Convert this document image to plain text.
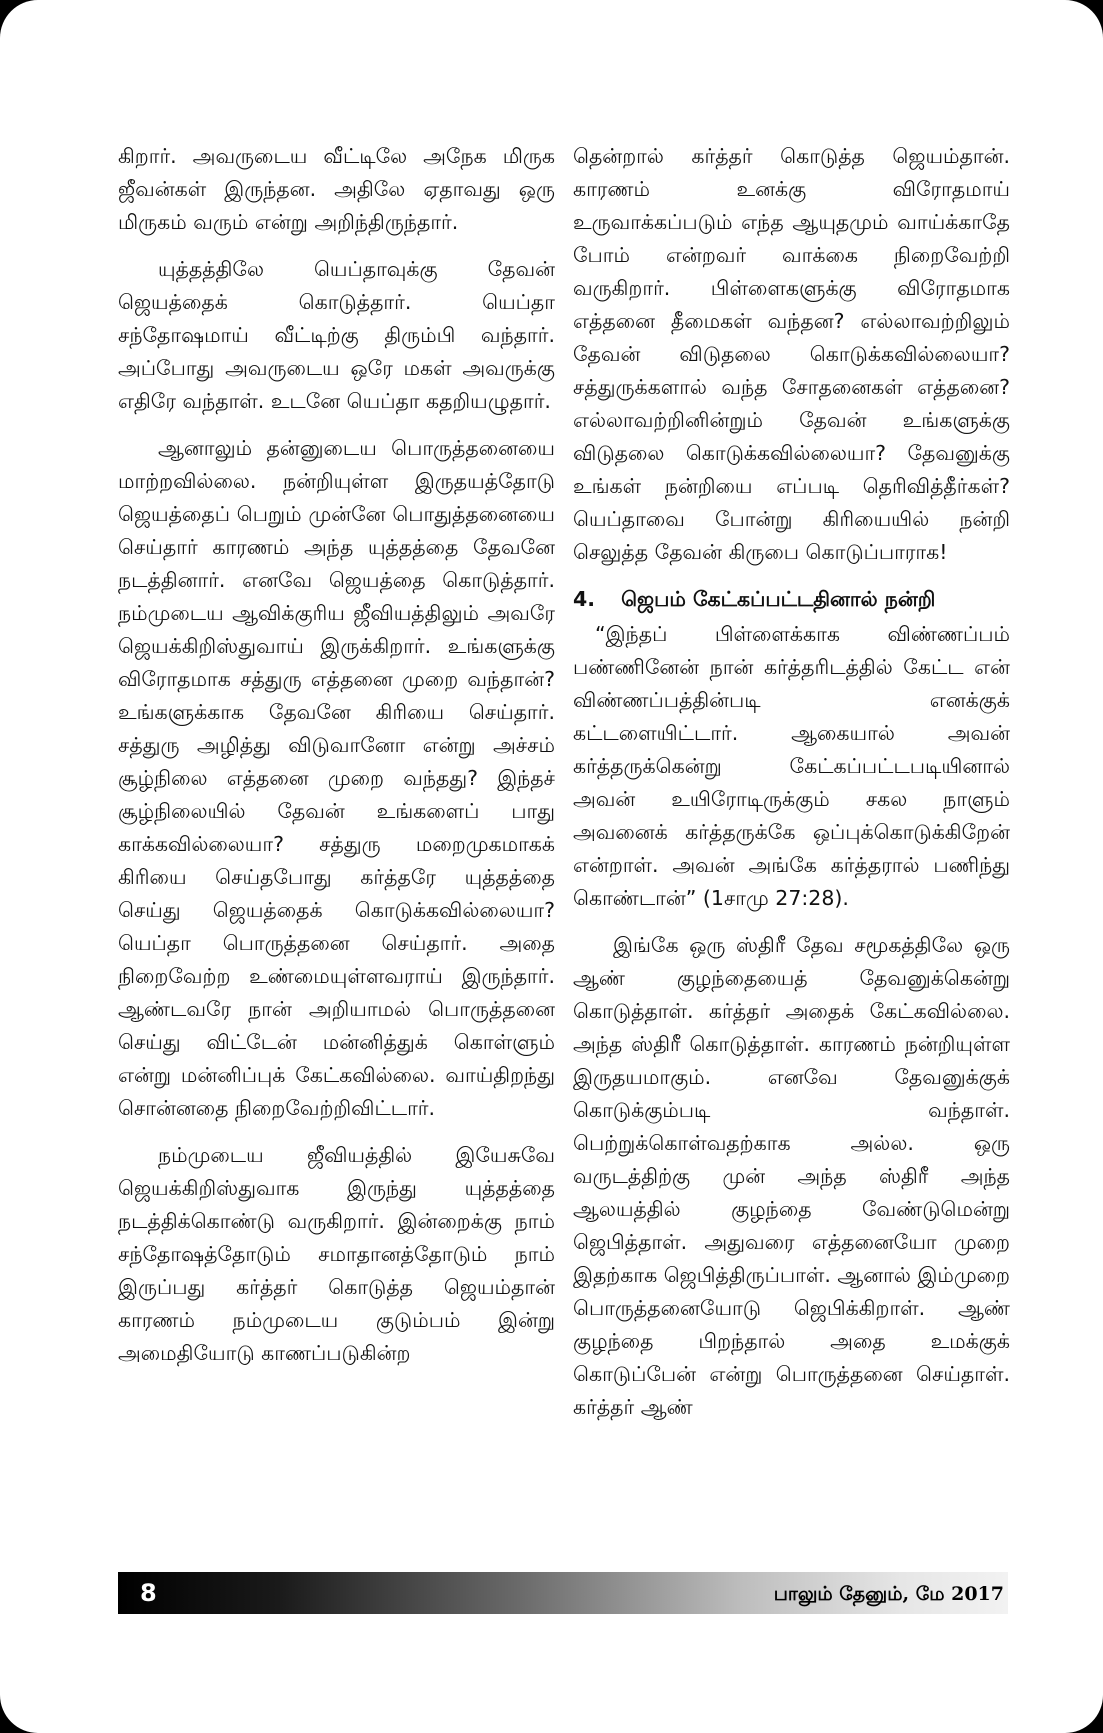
கிறார். அவருடைய வீட்டிலே அநேக மிருக ஜீவன்கள் இருந்தன. அதிலே ஏதாவது ஒரு மிருகம் வரும் என்று அறிந்திருந்தார்.

யுத்தத்திலே யெப்தாவுக்கு தேவன் ஜெயத்தைக் கொடுத்தார். யெப்தா சந்தோஷமாய் வீட்டிற்கு திரும்பி வந்தார். அப்போது அவருடைய ஒரே மகள் அவருக்கு எதிரே வந்தாள். உடனே யெப்தா கதறியழுதார்.

ஆனாலும் தன்னுடைய பொருத்தனையை மாற்றவில்லை. நன்றியுள்ள இருதயத்தோடு ஜெயத்தைப் பெறும் முன்னே பொதுத்தனையை செய்தார் காரணம் அந்த யுத்தத்தை தேவனே நடத்தினார். எனவே ஜெயத்தை கொடுத்தார். நம்முடைய ஆவிக்குரிய ஜீவியத்திலும் அவரே ஜெயக்கிறிஸ்துவாய் இருக்கிறார். உங்களுக்கு விரோதமாக சத்துரு எத்தனை முறை வந்தான்? உங்களுக்காக தேவனே கிரியை செய்தார். சத்துரு அழித்து விடுவானோ என்று அச்சம் சூழ்நிலை எத்தனை முறை வந்தது? இந்தச் சூழ்நிலையில் தேவன் உங்களைப் பாது காக்கவில்லையா? சத்துரு மறைமுகமாகக் கிரியை செய்தபோது கர்த்தரே யுத்தத்தை செய்து ஜெயத்தைக் கொடுக்கவில்லையா? யெப்தா பொருத்தனை செய்தார். அதை நிறைவேற்ற உண்மையுள்ளவராய் இருந்தார். ஆண்டவரே நான் அறியாமல் பொருத்தனை செய்து விட்டேன் மன்னித்துக் கொள்ளும் என்று மன்னிப்புக் கேட்கவில்லை. வாய்திறந்து சொன்னதை நிறைவேற்றிவிட்டார்.

நம்முடைய ஜீவியத்தில் இயேசுவே ஜெயக்கிறிஸ்துவாக இருந்து யுத்தத்தை நடத்திக்கொண்டு வருகிறார். இன்றைக்கு நாம் சந்தோஷத்தோடும் சமாதானத்தோடும் நாம் இருப்பது கர்த்தர் கொடுத்த ஜெயம்தான் காரணம் நம்முடைய குடும்பம் இன்று அமைதியோடு காணப்படுகின்ற

தென்றால் கர்த்தர் கொடுத்த ஜெயம்தான். காரணம் உனக்கு விரோதமாய் உருவாக்கப்படும் எந்த ஆயுதமும் வாய்க்காதே போம் என்றவர் வாக்கை நிறைவேற்றி வருகிறார். பிள்ளைகளுக்கு விரோதமாக எத்தனை தீமைகள் வந்தன? எல்லாவற்றிலும் தேவன் விடுதலை கொடுக்கவில்லையா? சத்துருக்களால் வந்த சோதனைகள் எத்தனை? எல்லாவற்றினின்றும் தேவன் உங்களுக்கு விடுதலை கொடுக்கவில்லையா? தேவனுக்கு உங்கள் நன்றியை எப்படி தெரிவித்தீர்கள்? யெப்தாவை போன்று கிரியையில் நன்றி செலுத்த தேவன் கிருபை கொடுப்பாராக!

4. ஜெபம் கேட்கப்பட்டதினால் நன்றி

“இந்தப் பிள்ளைக்காக விண்ணப்பம் பண்ணினேன் நான் கர்த்தரிடத்தில் கேட்ட என் விண்ணப்பத்தின்படி எனக்குக் கட்டளையிட்டார். ஆகையால் அவன் கர்த்தருக்கென்று கேட்கப்பட்டபடியினால் அவன் உயிரோடிருக்கும் சகல நாளும் அவனைக் கர்த்தருக்கே ஒப்புக்கொடுக்கிறேன் என்றாள். அவன் அங்கே கர்த்தரால் பணிந்து கொண்டான்” (1சாமு 27:28).

இங்கே ஒரு ஸ்திரீ தேவ சமூகத்திலே ஒரு ஆண் குழந்தையைத் தேவனுக்கென்று கொடுத்தாள். கர்த்தர் அதைக் கேட்கவில்லை. அந்த ஸ்திரீ கொடுத்தாள். காரணம் நன்றியுள்ள இருதயமாகும். எனவே தேவனுக்குக் கொடுக்கும்படி வந்தாள். பெற்றுக்கொள்வதற்காக அல்ல. ஒரு வருடத்திற்கு முன் அந்த ஸ்திரீ அந்த ஆலயத்தில் குழந்தை வேண்டுமென்று ஜெபித்தாள். அதுவரை எத்தனையோ முறை இதற்காக ஜெபித்திருப்பாள். ஆனால் இம்முறை பொருத்தனையோடு ஜெபிக்கிறாள். ஆண் குழந்தை பிறந்தால் அதை உமக்குக் கொடுப்பேன் என்று பொருத்தனை செய்தாள். கர்த்தர் ஆண்

8	பாலும் தேனும், மே 2017
